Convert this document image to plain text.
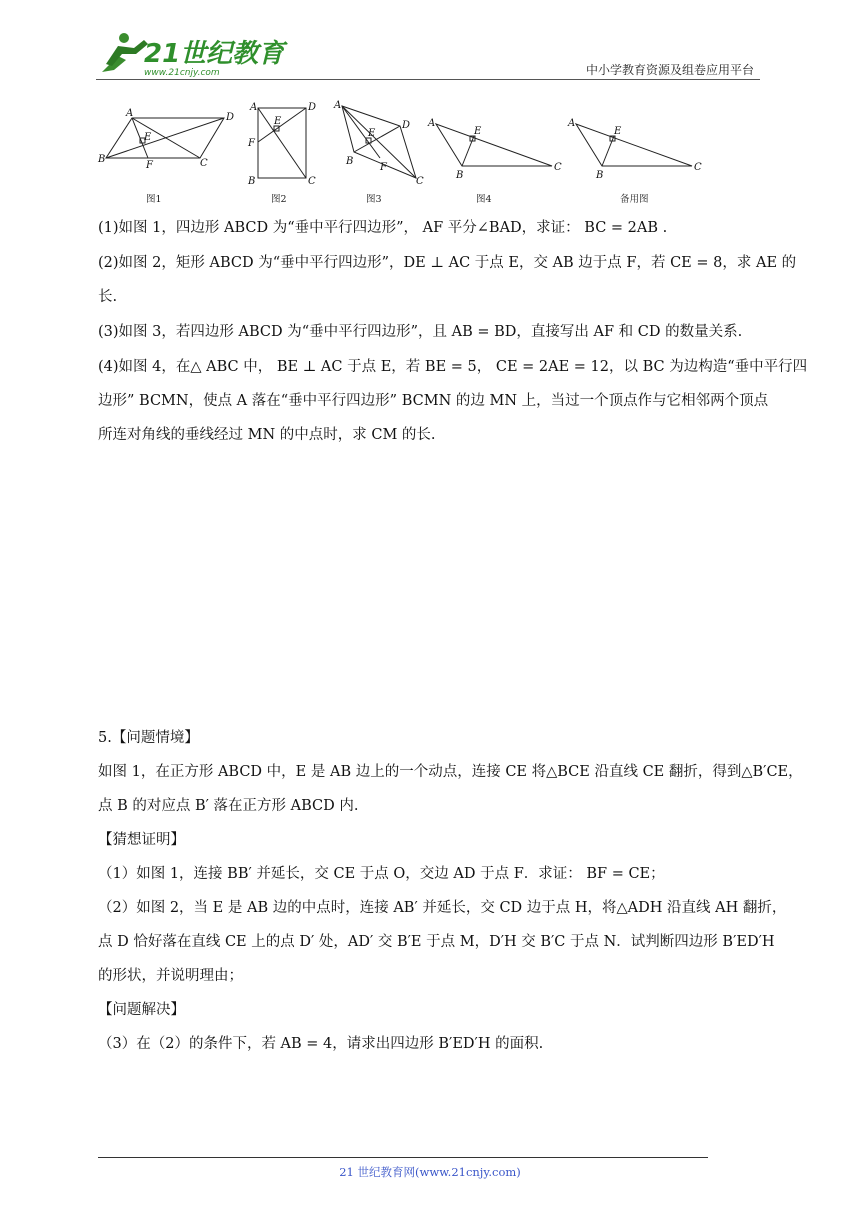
21世纪教育
www.21cnjy.com	中小学教育资源及组卷应用平台
A	D
B	C
E
F
A	D
F
E
B	C
A
D
B
C
E
F
A
E
B
C
A
E
B
C
图1	图2	图3	图4	备用图
(1)如图 1，四边形 ABCD 为“垂中平行四边形”， AF 平分∠BAD，求证： BC = 2AB .
(2)如图 2，矩形 ABCD 为“垂中平行四边形”，DE ⊥ AC 于点 E，交 AB 边于点 F，若 CE = 8，求 AE 的
长.
(3)如图 3，若四边形 ABCD 为“垂中平行四边形”，且 AB = BD，直接写出 AF 和 CD 的数量关系.
(4)如图 4，在△ ABC 中， BE ⊥ AC 于点 E，若 BE = 5， CE = 2AE = 12，以 BC 为边构造“垂中平行四
边形” BCMN，使点 A 落在“垂中平行四边形” BCMN 的边 MN 上，当过一个顶点作与它相邻两个顶点
所连对角线的垂线经过 MN 的中点时，求 CM 的长.
5.【问题情境】
如图 1，在正方形 ABCD 中，E 是 AB 边上的一个动点，连接 CE 将△BCE 沿直线 CE 翻折，得到△B′CE，
点 B 的对应点 B′ 落在正方形 ABCD 内.
【猜想证明】
（1）如图 1，连接 BB′ 并延长，交 CE 于点 O，交边 AD 于点 F．求证： BF = CE；
（2）如图 2，当 E 是 AB 边的中点时，连接 AB′ 并延长，交 CD 边于点 H，将△ADH 沿直线 AH 翻折，
点 D 恰好落在直线 CE 上的点 D′ 处，AD′ 交 B′E 于点 M，D′H 交 B′C 于点 N．试判断四边形 B′ED′H
的形状，并说明理由；
【问题解决】
（3）在（2）的条件下，若 AB = 4，请求出四边形 B′ED′H 的面积.
21 世纪教育网(www.21cnjy.com)
